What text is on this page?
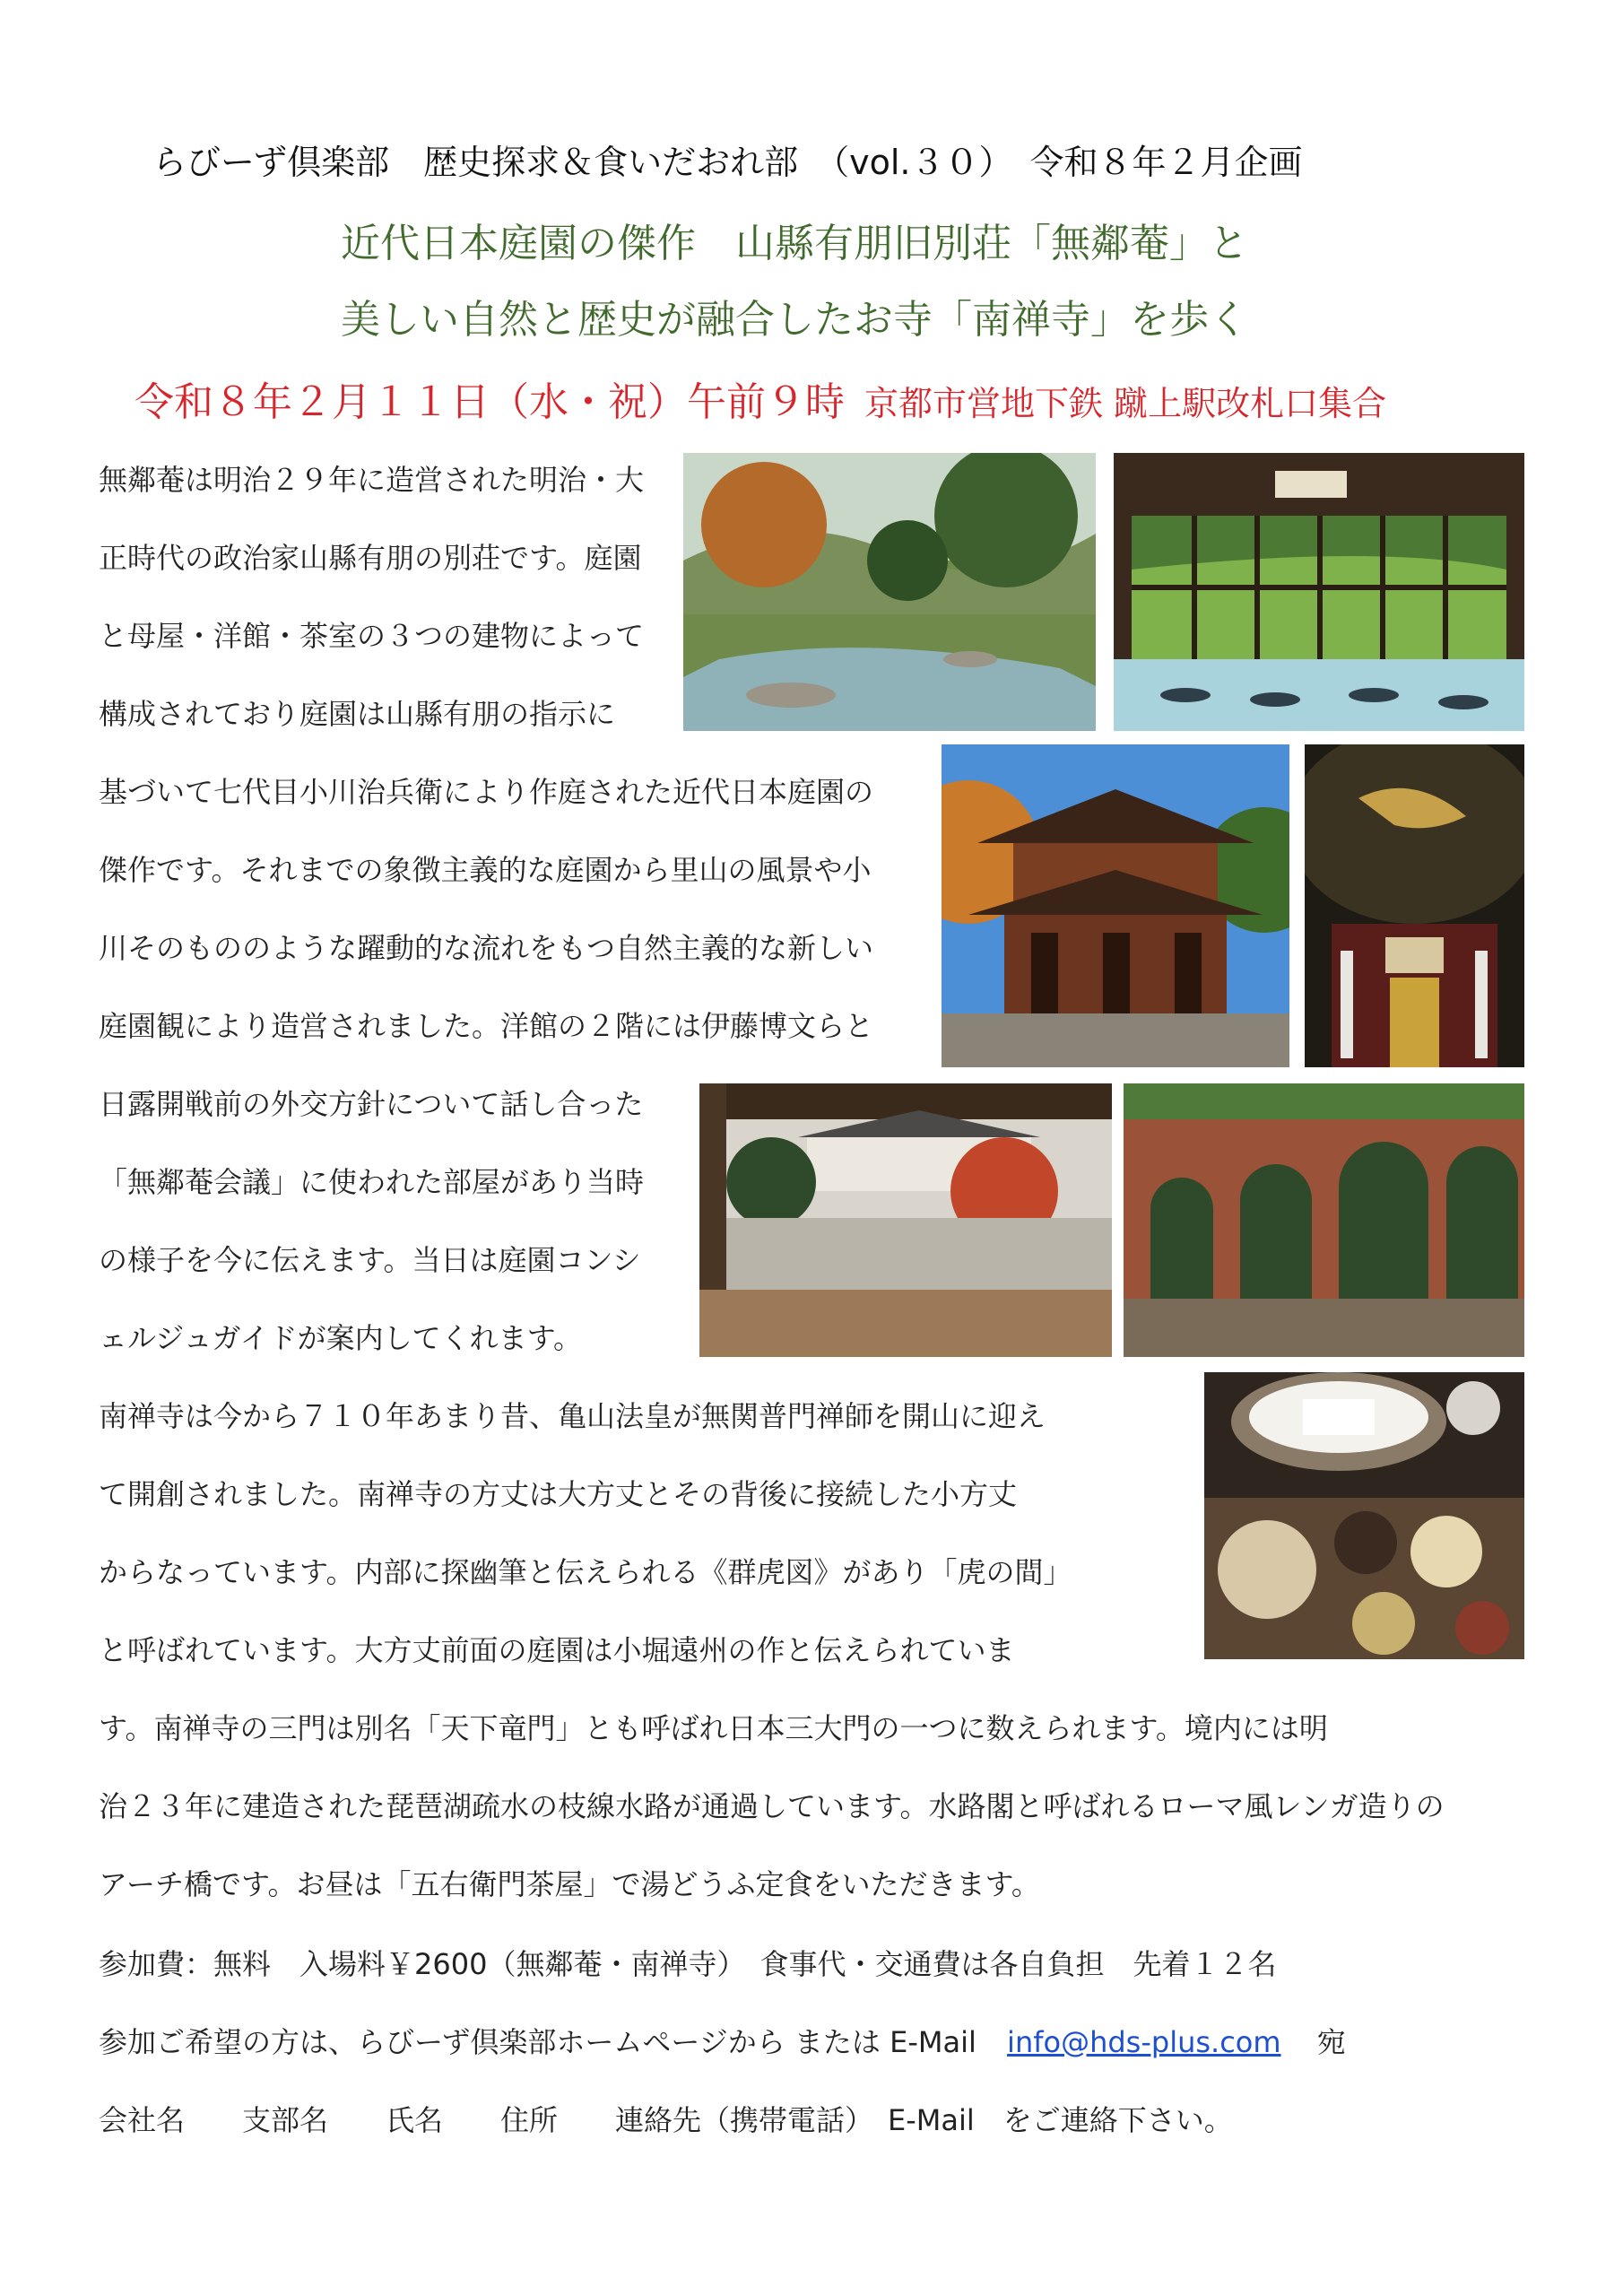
らびーず倶楽部　歴史探求＆食いだおれ部　（vol.３０）　令和８年２月企画
近代日本庭園の傑作　山縣有朋旧別荘「無鄰菴」と
美しい自然と歴史が融合したお寺「南禅寺」を歩く
令和８年２月１１日（水・祝）午前９時 京都市営地下鉄 蹴上駅改札口集合
無鄰菴は明治２９年に造営された明治・大
正時代の政治家山縣有朋の別荘です。庭園
と母屋・洋館・茶室の３つの建物によって
構成されており庭園は山縣有朋の指示に
基づいて七代目小川治兵衛により作庭された近代日本庭園の
傑作です。それまでの象徴主義的な庭園から里山の風景や小
川そのもののような躍動的な流れをもつ自然主義的な新しい
庭園観により造営されました。洋館の２階には伊藤博文らと
日露開戦前の外交方針について話し合った
「無鄰菴会議」に使われた部屋があり当時
の様子を今に伝えます。当日は庭園コンシ
ェルジュガイドが案内してくれます。
南禅寺は今から７１０年あまり昔、亀山法皇が無関普門禅師を開山に迎え
て開創されました。南禅寺の方丈は大方丈とその背後に接続した小方丈
からなっています。内部に探幽筆と伝えられる《群虎図》があり「虎の間」
と呼ばれています。大方丈前面の庭園は小堀遠州の作と伝えられていま
す。南禅寺の三門は別名「天下竜門」とも呼ばれ日本三大門の一つに数えられます。境内には明
治２３年に建造された琵琶湖疏水の枝線水路が通過しています。水路閣と呼ばれるローマ風レンガ造りの
アーチ橋です。お昼は「五右衛門茶屋」で湯どうふ定食をいただきます。
参加費：無料　入場料￥2600（無鄰菴・南禅寺）　食事代・交通費は各自負担　先着１２名
参加ご希望の方は、らびーず倶楽部ホームページから または E-Mail info@hds-plus.com 宛
会社名　　支部名　　氏名　　住所　　連絡先（携帯電話）　E-Mail　をご連絡下さい。
